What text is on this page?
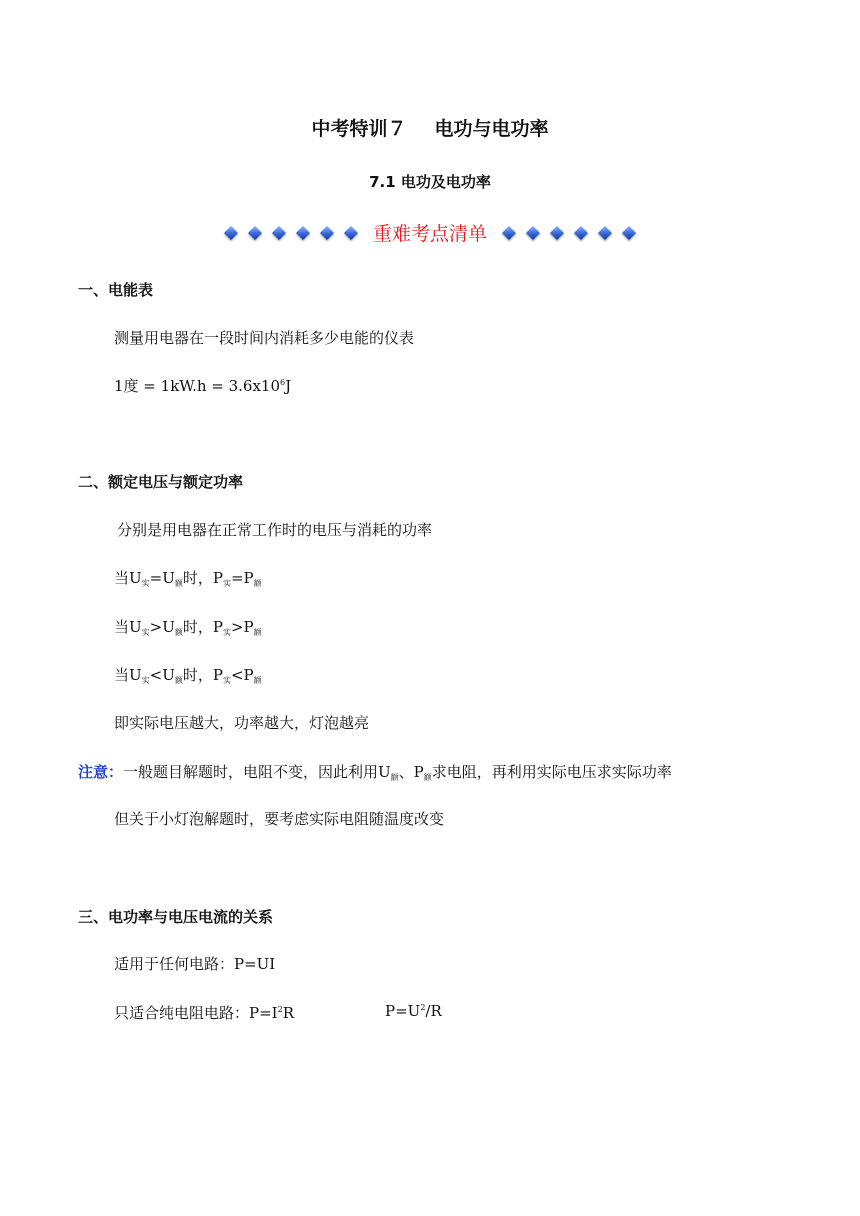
中考特训７ 电功与电功率
7.1 电功及电功率
重难考点清单
一、电能表
测量用电器在一段时间内消耗多少电能的仪表
1度 = $1kW.h = 3.6x10^6J$
二、额定电压与额定功率
分别是用电器在正常工作时的电压与消耗的功率
当$U_实=U_额$时，$P_实=P_额$
当$U_实>U_额$时，$P_实>P_额$
当$U_实<U_额$时，$P_实<P_额$
即实际电压越大，功率越大，灯泡越亮
注意：一般题目解题时，电阻不变，因此利用$U_额$、$P_额$求电阻，再利用实际电压求实际功率
但关于小灯泡解题时，要考虑实际电阻随温度改变
三、电功率与电压电流的关系
适用于任何电路：P=UI
只适合纯电阻电路：$P=I^2R$	$P=U^2/R$
